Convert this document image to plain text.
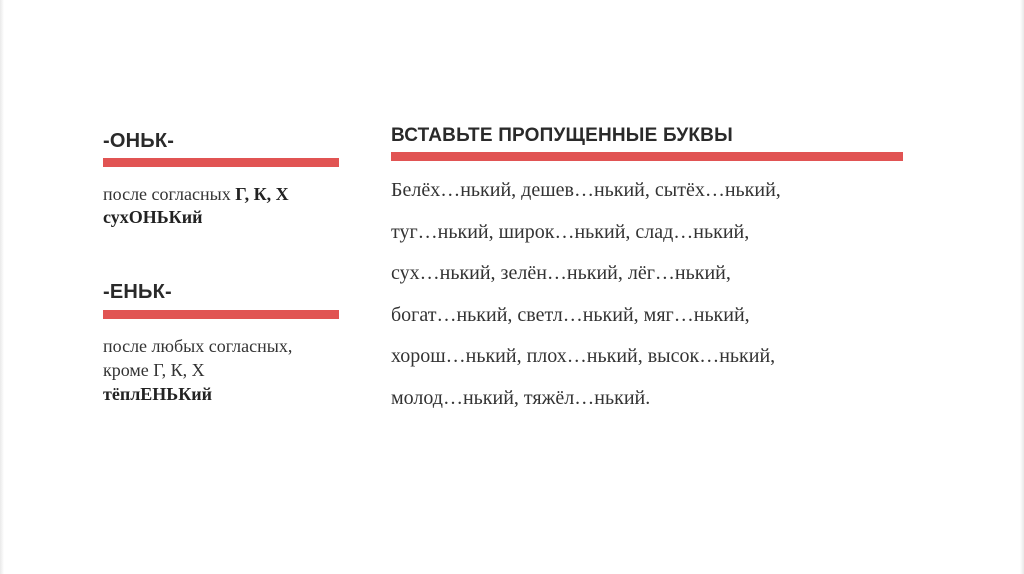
-ОНЬК-
после согласных Г, К, Х
сухОНЬКий
-ЕНЬК-
после любых согласных,
кроме Г, К, Х
тёплЕНЬКий
ВСТАВЬТЕ ПРОПУЩЕННЫЕ БУКВЫ
Белёх…нький, дешев…нький, сытёх…нький,
туг…нький, широк…нький, слад…нький,
сух…нький, зелён…нький, лёг…нький,
богат…нький, светл…нький, мяг…нький,
хорош…нький, плох…нький, высок…нький,
молод…нький, тяжёл…нький.
